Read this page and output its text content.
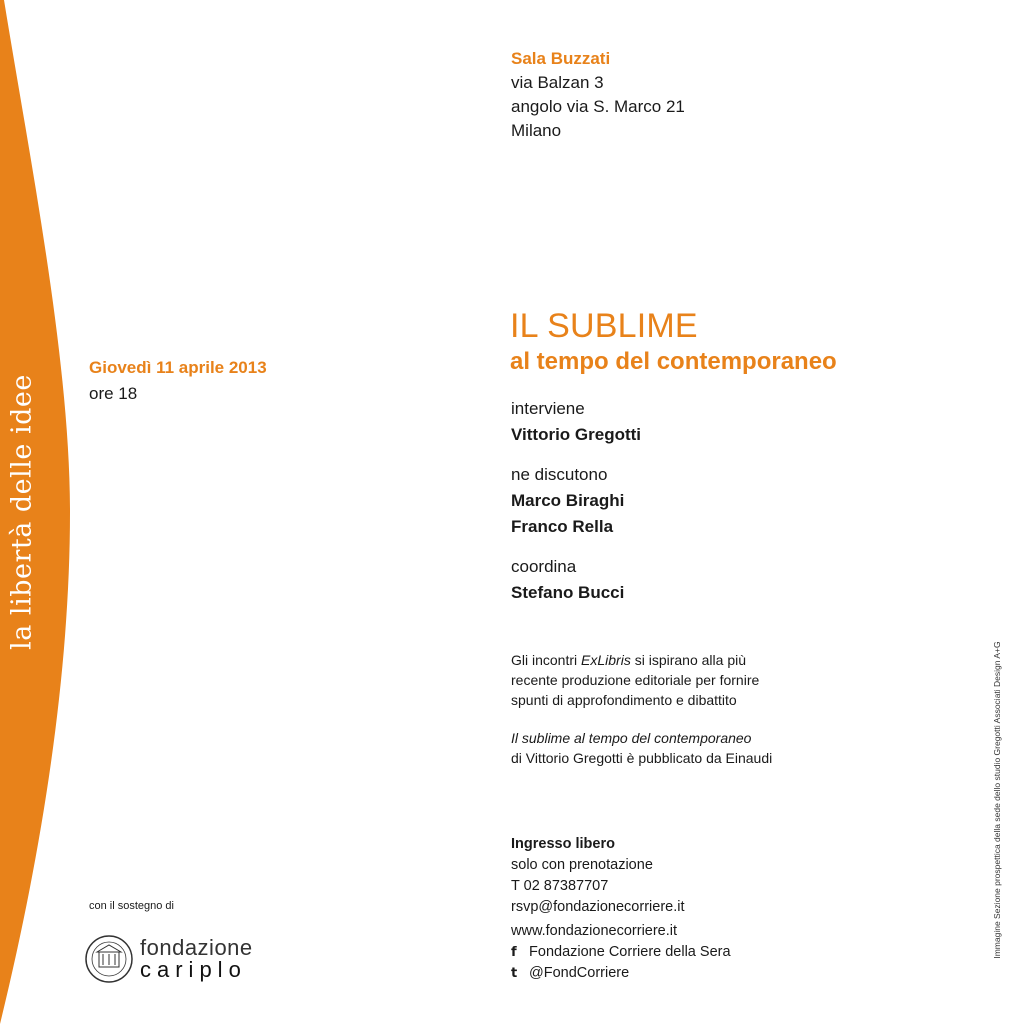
la libertà delle idee
Sala Buzzati
via Balzan 3
angolo via S. Marco 21
Milano
Giovedì 11 aprile 2013
ore 18
IL SUBLIME
al tempo del contemporaneo

interviene

Vittorio Gregotti

ne discutono

Marco Biraghi

Franco Rella

coordina

Stefano Bucci

Gli incontri ExLibris si ispirano alla più
recente produzione editoriale per fornire
spunti di approfondimento e dibattito
Il sublime al tempo del contemporaneo
di Vittorio Gregotti è pubblicato da Einaudi
Ingresso libero
solo con prenotazione
T 02 87387707
rsvp@fondazionecorriere.it
www.fondazionecorriere.it
f Fondazione Corriere della Sera
t @FondCorriere
con il sostegno di
fondazione
cariplo
Immagine Sezione prospettica della sede dello studio Gregotti Associati Design A+G
